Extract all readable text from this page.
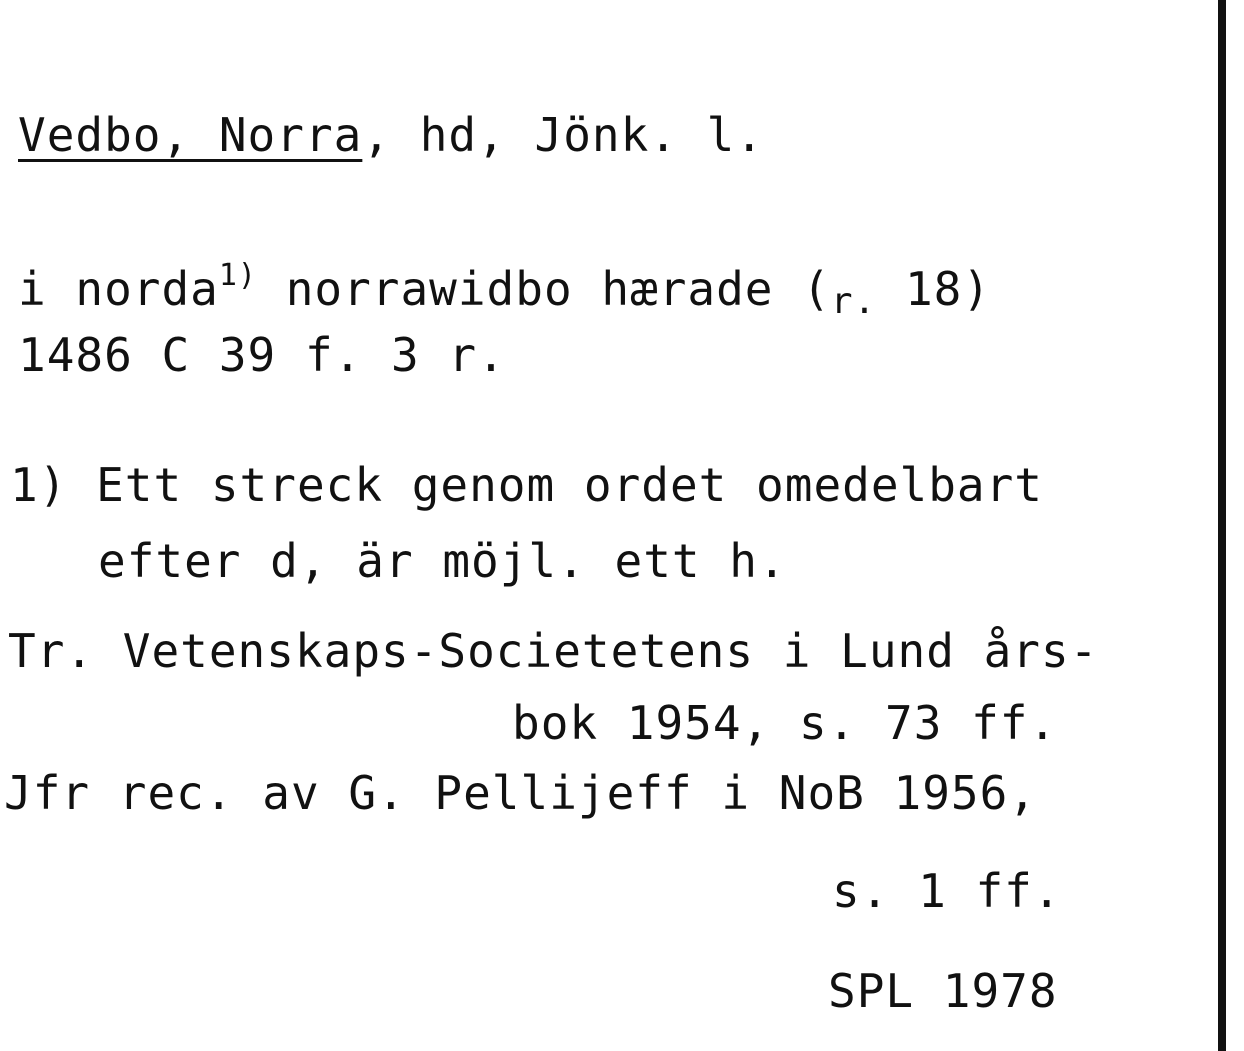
Vedbo, Norra, hd, Jönk. l.
i norda$^{1)}$ norrawidbo hærade (r. 18)
1486 C 39 f. 3 r.
1) Ett streck genom ordet omedelbart
efter d, är möjl. ett h.
Tr. Vetenskaps-Societetens i Lund års-
bok 1954, s. 73 ff.
Jfr rec. av G. Pellijeff i NoB 1956,
s. 1 ff.
SPL 1978
